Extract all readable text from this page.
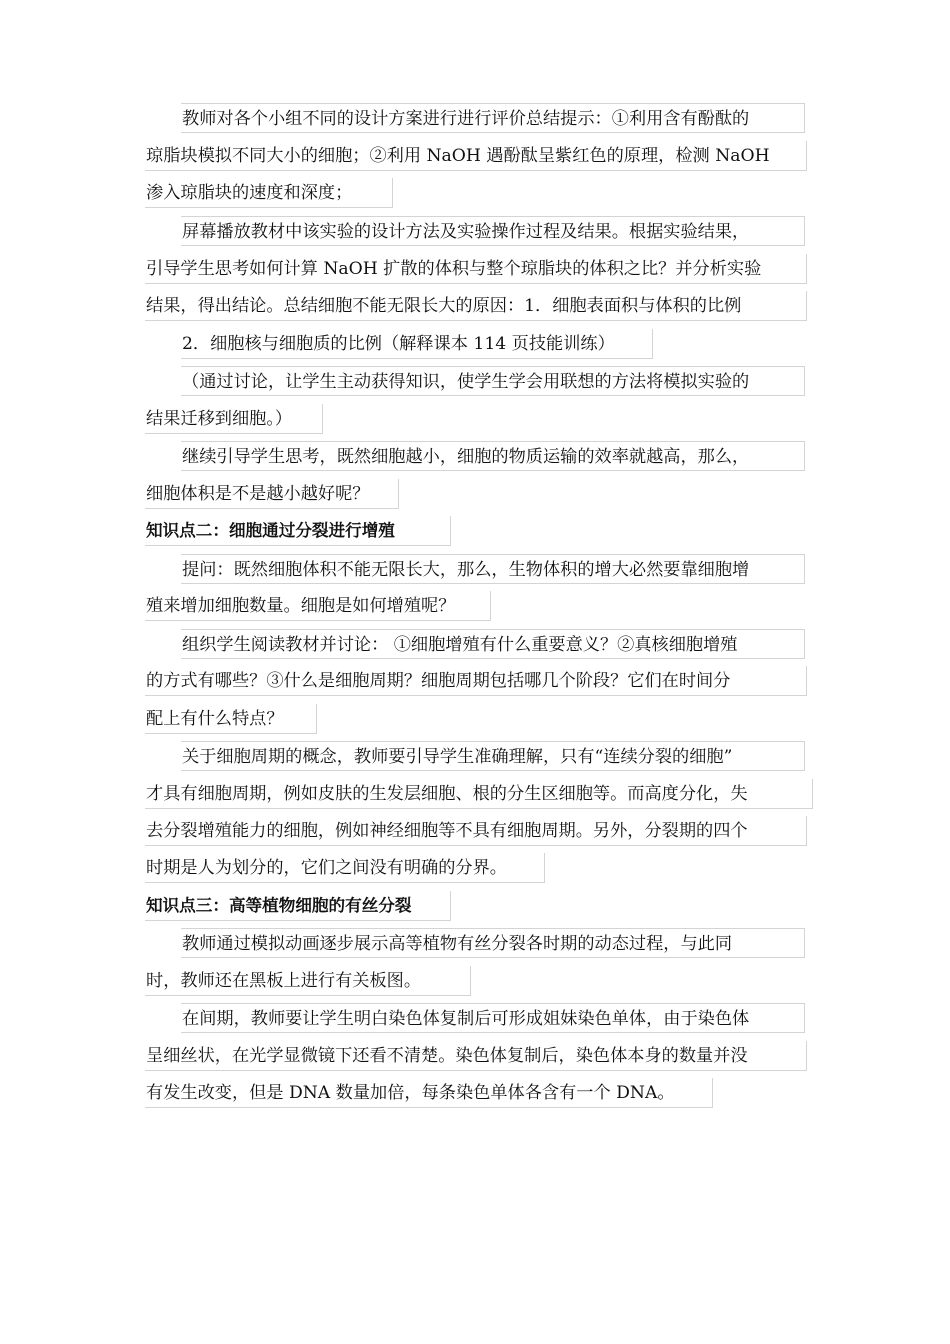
教师对各个小组不同的设计方案进行进行评价总结提示：①利用含有酚酞的
琼脂块模拟不同大小的细胞；②利用 NaOH 遇酚酞呈紫红色的原理，检测 NaOH
渗入琼脂块的速度和深度；
屏幕播放教材中该实验的设计方法及实验操作过程及结果。根据实验结果，
引导学生思考如何计算 NaOH 扩散的体积与整个琼脂块的体积之比？并分析实验
结果，得出结论。总结细胞不能无限长大的原因：1．细胞表面积与体积的比例
2．细胞核与细胞质的比例（解释课本 114 页技能训练）
（通过讨论，让学生主动获得知识，使学生学会用联想的方法将模拟实验的
结果迁移到细胞。）
继续引导学生思考，既然细胞越小，细胞的物质运输的效率就越高，那么，
细胞体积是不是越小越好呢？
知识点二：细胞通过分裂进行增殖
提问：既然细胞体积不能无限长大，那么，生物体积的增大必然要靠细胞增
殖来增加细胞数量。细胞是如何增殖呢？
组织学生阅读教材并讨论： ①细胞增殖有什么重要意义？②真核细胞增殖
的方式有哪些？③什么是细胞周期？细胞周期包括哪几个阶段？它们在时间分
配上有什么特点？
关于细胞周期的概念，教师要引导学生准确理解，只有“连续分裂的细胞”
才具有细胞周期，例如皮肤的生发层细胞、根的分生区细胞等。而高度分化，失
去分裂增殖能力的细胞，例如神经细胞等不具有细胞周期。另外，分裂期的四个
时期是人为划分的，它们之间没有明确的分界。
知识点三：高等植物细胞的有丝分裂
教师通过模拟动画逐步展示高等植物有丝分裂各时期的动态过程，与此同
时，教师还在黑板上进行有关板图。
在间期，教师要让学生明白染色体复制后可形成姐妹染色单体，由于染色体
呈细丝状，在光学显微镜下还看不清楚。染色体复制后，染色体本身的数量并没
有发生改变，但是 DNA 数量加倍，每条染色单体各含有一个 DNA。
